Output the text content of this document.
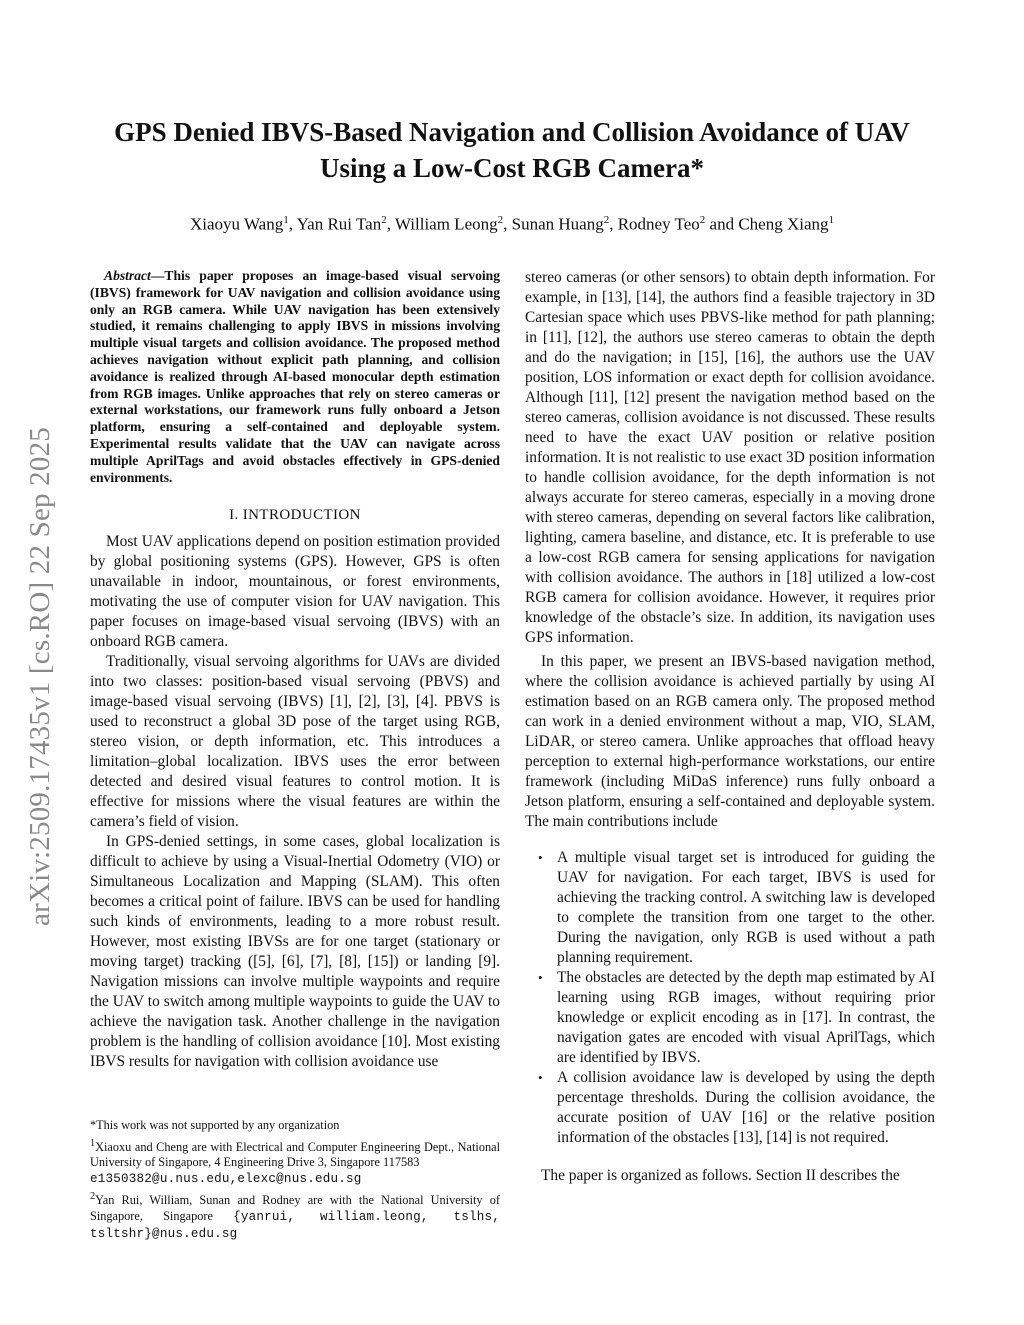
arXiv:2509.17435v1 [cs.RO] 22 Sep 2025
GPS Denied IBVS-Based Navigation and Collision Avoidance of UAV Using a Low-Cost RGB Camera*
Xiaoyu Wang$^1$, Yan Rui Tan$^2$, William Leong$^2$, Sunan Huang$^2$, Rodney Teo$^2$ and Cheng Xiang$^1$

Abstract—This paper proposes an image-based visual servoing (IBVS) framework for UAV navigation and collision avoidance using only an RGB camera. While UAV navigation has been extensively studied, it remains challenging to apply IBVS in missions involving multiple visual targets and collision avoidance. The proposed method achieves navigation without explicit path planning, and collision avoidance is realized through AI-based monocular depth estimation from RGB images. Unlike approaches that rely on stereo cameras or external workstations, our framework runs fully onboard a Jetson platform, ensuring a self-contained and deployable system. Experimental results validate that the UAV can navigate across multiple AprilTags and avoid obstacles effectively in GPS-denied environments.

I. INTRODUCTION

Most UAV applications depend on position estimation provided by global positioning systems (GPS). However, GPS is often unavailable in indoor, mountainous, or forest environments, motivating the use of computer vision for UAV navigation. This paper focuses on image-based visual servoing (IBVS) with an onboard RGB camera.

Traditionally, visual servoing algorithms for UAVs are divided into two classes: position-based visual servoing (PBVS) and image-based visual servoing (IBVS) [1], [2], [3], [4]. PBVS is used to reconstruct a global 3D pose of the target using RGB, stereo vision, or depth information, etc. This introduces a limitation–global localization. IBVS uses the error between detected and desired visual features to control motion. It is effective for missions where the visual features are within the camera’s field of vision.

In GPS-denied settings, in some cases, global localization is difficult to achieve by using a Visual-Inertial Odometry (VIO) or Simultaneous Localization and Mapping (SLAM). This often becomes a critical point of failure. IBVS can be used for handling such kinds of environments, leading to a more robust result. However, most existing IBVSs are for one target (stationary or moving target) tracking ([5], [6], [7], [8], [15]) or landing [9]. Navigation missions can involve multiple waypoints and require the UAV to switch among multiple waypoints to guide the UAV to achieve the navigation task. Another challenge in the navigation problem is the handling of collision avoidance [10]. Most existing IBVS results for navigation with collision avoidance use

stereo cameras (or other sensors) to obtain depth information. For example, in [13], [14], the authors find a feasible trajectory in 3D Cartesian space which uses PBVS-like method for path planning; in [11], [12], the authors use stereo cameras to obtain the depth and do the navigation; in [15], [16], the authors use the UAV position, LOS information or exact depth for collision avoidance. Although [11], [12] present the navigation method based on the stereo cameras, collision avoidance is not discussed. These results need to have the exact UAV position or relative position information. It is not realistic to use exact 3D position information to handle collision avoidance, for the depth information is not always accurate for stereo cameras, especially in a moving drone with stereo cameras, depending on several factors like calibration, lighting, camera baseline, and distance, etc. It is preferable to use a low-cost RGB camera for sensing applications for navigation with collision avoidance. The authors in [18] utilized a low-cost RGB camera for collision avoidance. However, it requires prior knowledge of the obstacle’s size. In addition, its navigation uses GPS information.

In this paper, we present an IBVS-based navigation method, where the collision avoidance is achieved partially by using AI estimation based on an RGB camera only. The proposed method can work in a denied environment without a map, VIO, SLAM, LiDAR, or stereo camera. Unlike approaches that offload heavy perception to external high-performance workstations, our entire framework (including MiDaS inference) runs fully onboard a Jetson platform, ensuring a self-contained and deployable system. The main contributions include

• A multiple visual target set is introduced for guiding the UAV for navigation. For each target, IBVS is used for achieving the tracking control. A switching law is developed to complete the transition from one target to the other. During the navigation, only RGB is used without a path planning requirement.
• The obstacles are detected by the depth map estimated by AI learning using RGB images, without requiring prior knowledge or explicit encoding as in [17]. In contrast, the navigation gates are encoded with visual AprilTags, which are identified by IBVS.
• A collision avoidance law is developed by using the depth percentage thresholds. During the collision avoidance, the accurate position of UAV [16] or the relative position information of the obstacles [13], [14] is not required.

The paper is organized as follows. Section II describes the

*This work was not supported by any organization

$^1$Xiaoxu and Cheng are with Electrical and Computer Engineering Dept., National University of Singapore, 4 Engineering Drive 3, Singapore 117583
e1350382@u.nus.edu,elexc@nus.edu.sg

$^2$Yan Rui, William, Sunan and Rodney are with the National University of Singapore, Singapore {yanrui, william.leong, tslhs, tsltshr}@nus.edu.sg
